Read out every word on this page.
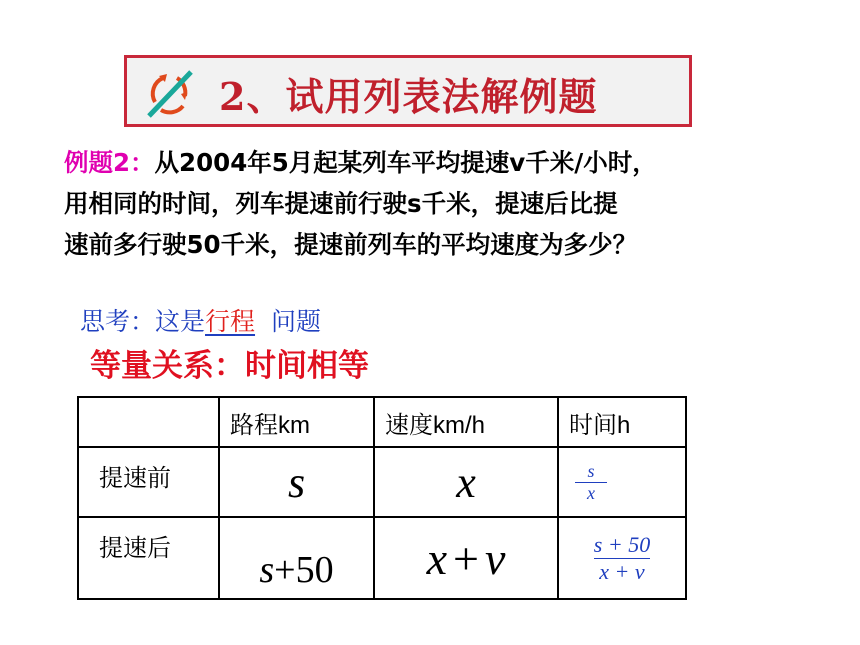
2、试用列表法解例题
例题2：从2004年5月起某列车平均提速v千米/小时，
用相同的时间，列车提速前行驶s千米，提速后比提
速前多行驶50千米，提速前列车的平均速度为多少？
思考：这是行程 问题
等量关系：时间相等
	路程km	速度km/h	时间h
提速前	s	x	$\frac{s}{x}$

提速后	s+50	x + v	$\frac{s + 50}{x + v}$
